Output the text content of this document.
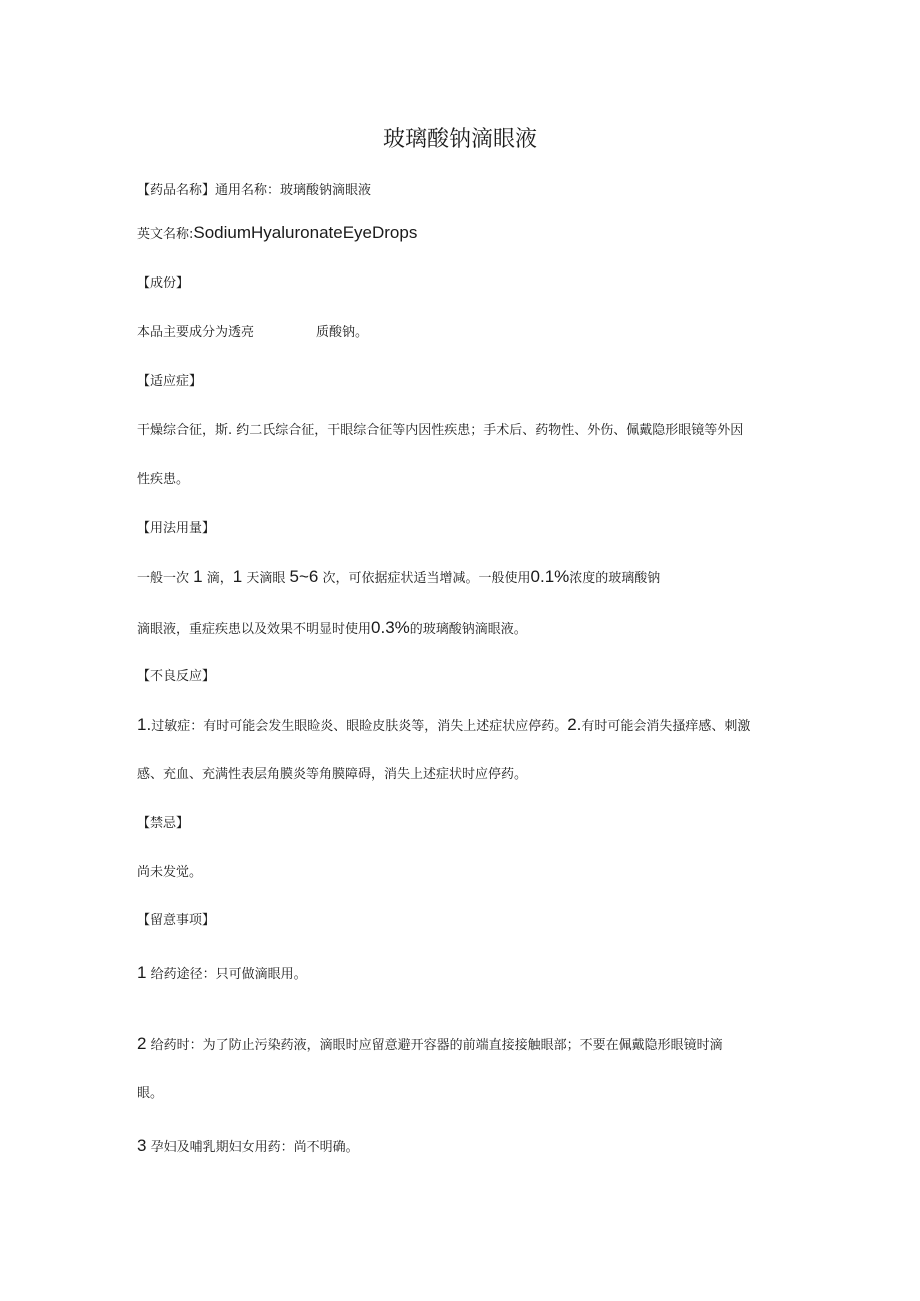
玻璃酸钠滴眼液
【药品名称】通用名称：玻璃酸钠滴眼液
英文名称:SodiumHyaluronateEyeDrops
【成份】
本品主要成分为透亮	质酸钠。
【适应症】
干燥综合征，斯. 约二氏综合征，干眼综合征等内因性疾患；手术后、药物性、外伤、佩戴隐形眼镜等外因
性疾患。
【用法用量】
一般一次 1 滴，1 天滴眼 5~6 次，可依据症状适当增减。一般使用0.1%浓度的玻璃酸钠
滴眼液，重症疾患以及效果不明显时使用0.3%的玻璃酸钠滴眼液。
【不良反应】
1.过敏症：有时可能会发生眼睑炎、眼睑皮肤炎等，消失上述症状应停药。2.有时可能会消失搔痒感、刺激
感、充血、充满性表层角膜炎等角膜障碍，消失上述症状时应停药。
【禁忌】
尚未发觉。
【留意事项】
1 给药途径：只可做滴眼用。
2 给药时：为了防止污染药液，滴眼时应留意避开容器的前端直接接触眼部；不要在佩戴隐形眼镜时滴
眼。
3 孕妇及哺乳期妇女用药：尚不明确。
